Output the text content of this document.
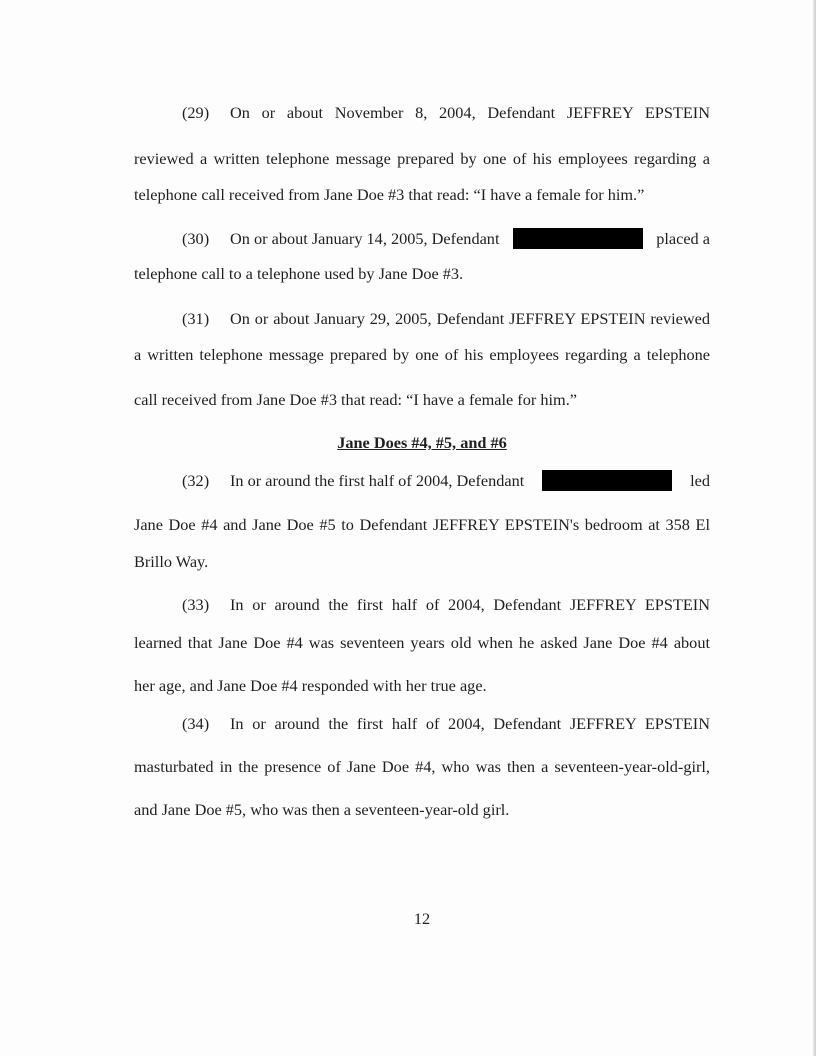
(29) On or about November 8, 2004, Defendant JEFFREY EPSTEIN
reviewed a written telephone message prepared by one of his employees regarding a
telephone call received from Jane Doe #3 that read: “I have a female for him.”
(30) On or about January 14, 2005, Defendant	placed a
telephone call to a telephone used by Jane Doe #3.
(31) On or about January 29, 2005, Defendant JEFFREY EPSTEIN reviewed
a written telephone message prepared by one of his employees regarding a telephone
call received from Jane Doe #3 that read: “I have a female for him.”
Jane Does #4, #5, and #6
(32) In or around the first half of 2004, Defendant	led
Jane Doe #4 and Jane Doe #5 to Defendant JEFFREY EPSTEIN's bedroom at 358 El
Brillo Way.
(33) In or around the first half of 2004, Defendant JEFFREY EPSTEIN
learned that Jane Doe #4 was seventeen years old when he asked Jane Doe #4 about
her age, and Jane Doe #4 responded with her true age.
(34) In or around the first half of 2004, Defendant JEFFREY EPSTEIN
masturbated in the presence of Jane Doe #4, who was then a seventeen-year-old-girl,
and Jane Doe #5, who was then a seventeen-year-old girl.
12
